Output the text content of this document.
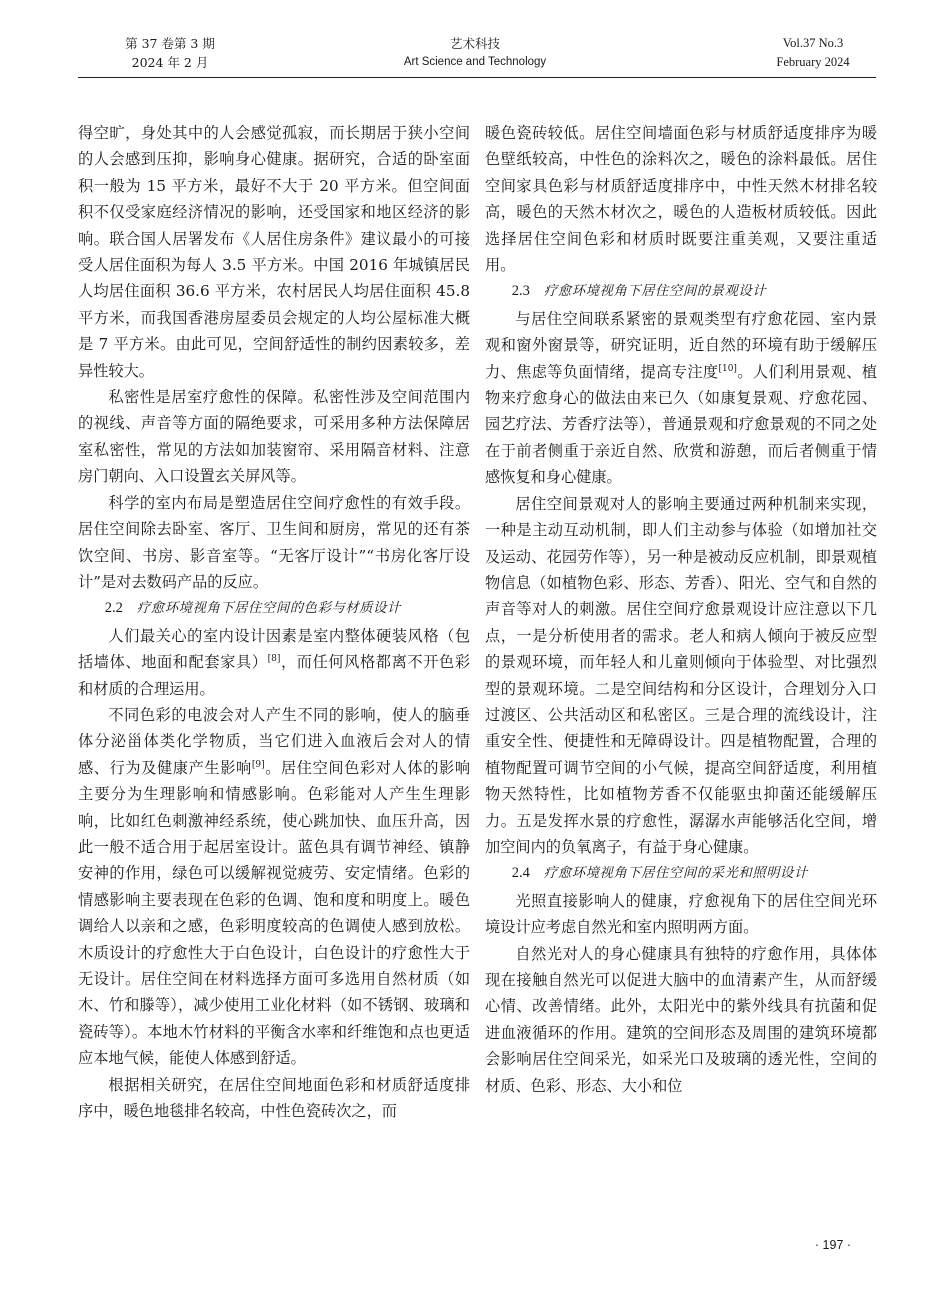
第 37 卷第 3 期
2024 年 2 月
艺术科技
Art Science and Technology
Vol.37 No.3
February 2024

得空旷，身处其中的人会感觉孤寂，而长期居于狭小空间的人会感到压抑，影响身心健康。据研究，合适的卧室面积一般为 15 平方米，最好不大于 20 平方米。但空间面积不仅受家庭经济情况的影响，还受国家和地区经济的影响。联合国人居署发布《人居住房条件》建议最小的可接受人居住面积为每人 3.5 平方米。中国 2016 年城镇居民人均居住面积 36.6 平方米，农村居民人均居住面积 45.8 平方米，而我国香港房屋委员会规定的人均公屋标准大概是 7 平方米。由此可见，空间舒适性的制约因素较多，差异性较大。

私密性是居室疗愈性的保障。私密性涉及空间范围内的视线、声音等方面的隔绝要求，可采用多种方法保障居室私密性，常见的方法如加装窗帘、采用隔音材料、注意房门朝向、入口设置玄关屏风等。

科学的室内布局是塑造居住空间疗愈性的有效手段。居住空间除去卧室、客厅、卫生间和厨房，常见的还有茶饮空间、书房、影音室等。“无客厅设计”“书房化客厅设计”是对去数码产品的反应。

2.2 疗愈环境视角下居住空间的色彩与材质设计

人们最关心的室内设计因素是室内整体硬装风格（包括墙体、地面和配套家具）[8]，而任何风格都离不开色彩和材质的合理运用。

不同色彩的电波会对人产生不同的影响，使人的脑垂体分泌甾体类化学物质，当它们进入血液后会对人的情感、行为及健康产生影响[9]。居住空间色彩对人体的影响主要分为生理影响和情感影响。色彩能对人产生生理影响，比如红色刺激神经系统，使心跳加快、血压升高，因此一般不适合用于起居室设计。蓝色具有调节神经、镇静安神的作用，绿色可以缓解视觉疲劳、安定情绪。色彩的情感影响主要表现在色彩的色调、饱和度和明度上。暖色调给人以亲和之感，色彩明度较高的色调使人感到放松。木质设计的疗愈性大于白色设计，白色设计的疗愈性大于无设计。居住空间在材料选择方面可多选用自然材质（如木、竹和滕等），减少使用工业化材料（如不锈钢、玻璃和瓷砖等）。本地木竹材料的平衡含水率和纤维饱和点也更适应本地气候，能使人体感到舒适。

根据相关研究，在居住空间地面色彩和材质舒适度排序中，暖色地毯排名较高，中性色瓷砖次之，而

暖色瓷砖较低。居住空间墙面色彩与材质舒适度排序为暖色壁纸较高，中性色的涂料次之，暖色的涂料最低。居住空间家具色彩与材质舒适度排序中，中性天然木材排名较高，暖色的天然木材次之，暖色的人造板材质较低。因此选择居住空间色彩和材质时既要注重美观，又要注重适用。

2.3 疗愈环境视角下居住空间的景观设计

与居住空间联系紧密的景观类型有疗愈花园、室内景观和窗外窗景等，研究证明，近自然的环境有助于缓解压力、焦虑等负面情绪，提高专注度[10]。人们利用景观、植物来疗愈身心的做法由来已久（如康复景观、疗愈花园、园艺疗法、芳香疗法等），普通景观和疗愈景观的不同之处在于前者侧重于亲近自然、欣赏和游憩，而后者侧重于情感恢复和身心健康。

居住空间景观对人的影响主要通过两种机制来实现，一种是主动互动机制，即人们主动参与体验（如增加社交及运动、花园劳作等），另一种是被动反应机制，即景观植物信息（如植物色彩、形态、芳香）、阳光、空气和自然的声音等对人的刺激。居住空间疗愈景观设计应注意以下几点，一是分析使用者的需求。老人和病人倾向于被反应型的景观环境，而年轻人和儿童则倾向于体验型、对比强烈型的景观环境。二是空间结构和分区设计，合理划分入口过渡区、公共活动区和私密区。三是合理的流线设计，注重安全性、便捷性和无障碍设计。四是植物配置，合理的植物配置可调节空间的小气候，提高空间舒适度，利用植物天然特性，比如植物芳香不仅能驱虫抑菌还能缓解压力。五是发挥水景的疗愈性，潺潺水声能够活化空间，增加空间内的负氧离子，有益于身心健康。

2.4 疗愈环境视角下居住空间的采光和照明设计

光照直接影响人的健康，疗愈视角下的居住空间光环境设计应考虑自然光和室内照明两方面。

自然光对人的身心健康具有独特的疗愈作用，具体体现在接触自然光可以促进大脑中的血清素产生，从而舒缓心情、改善情绪。此外，太阳光中的紫外线具有抗菌和促进血液循环的作用。建筑的空间形态及周围的建筑环境都会影响居住空间采光，如采光口及玻璃的透光性，空间的材质、色彩、形态、大小和位

· 197 ·
